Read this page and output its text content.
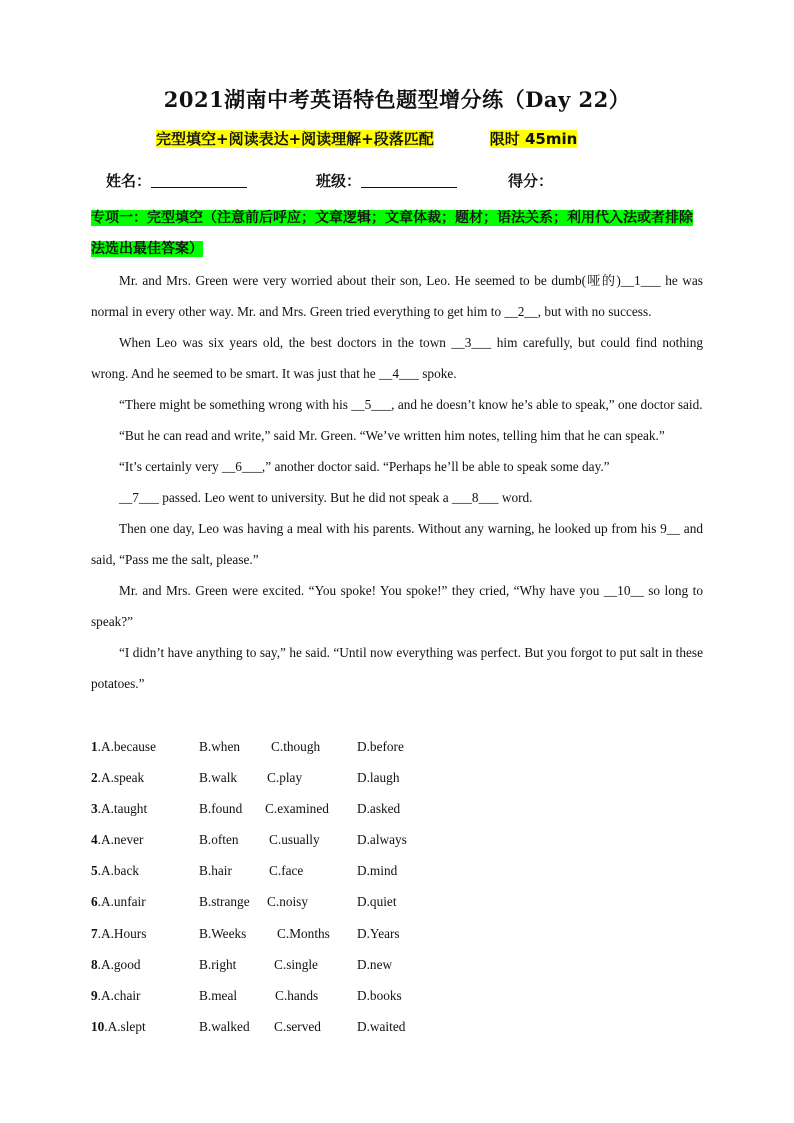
2021湖南中考英语特色题型增分练（Day 22）
完型填空+阅读表达+阅读理解+段落匹配	限时 45min
姓名：	班级：	得分：
专项一：完型填空（注意前后呼应；文章逻辑；文章体裁；题材；语法关系；利用代入法或者排除法选出最佳答案）

Mr. and Mrs. Green were very worried about their son, Leo. He seemed to be dumb(哑的)__1___ he was normal in every other way. Mr. and Mrs. Green tried everything to get him to __2__, but with no success.

When Leo was six years old, the best doctors in the town __3___ him carefully, but could find nothing wrong. And he seemed to be smart. It was just that he __4___ spoke.

“There might be something wrong with his __5___, and he doesn’t know he’s able to speak,” one doctor said.

“But he can read and write,” said Mr. Green. “We’ve written him notes, telling him that he can speak.”

“It’s certainly very __6___,” another doctor said. “Perhaps he’ll be able to speak some day.”

__7___ passed. Leo went to university. But he did not speak a ___8___ word.

Then one day, Leo was having a meal with his parents. Without any warning, he looked up from his 9__ and said, “Pass me the salt, please.”

Mr. and Mrs. Green were excited. “You spoke! You spoke!” they cried, “Why have you __10__ so long to speak?”

“I didn’t have anything to say,” he said. “Until now everything was perfect. But you forgot to put salt in these potatoes.”

1.A.because	B.when C.though	D.before
2.A.speak	B.walk C.play	D.laugh
3.A.taught	B.found C.examined D.asked
4.A.never	B.often C.usually	D.always
5.A.back	B.hair	C.face	D.mind
6.A.unfair	B.strange C.noisy	D.quiet
7.A.Hours	B.Weeks C.Months D.Years
8.A.good	B.right	C.single	D.new
9.A.chair	B.meal	C.hands	D.books
10.A.slept	B.walked C.served	D.waited
